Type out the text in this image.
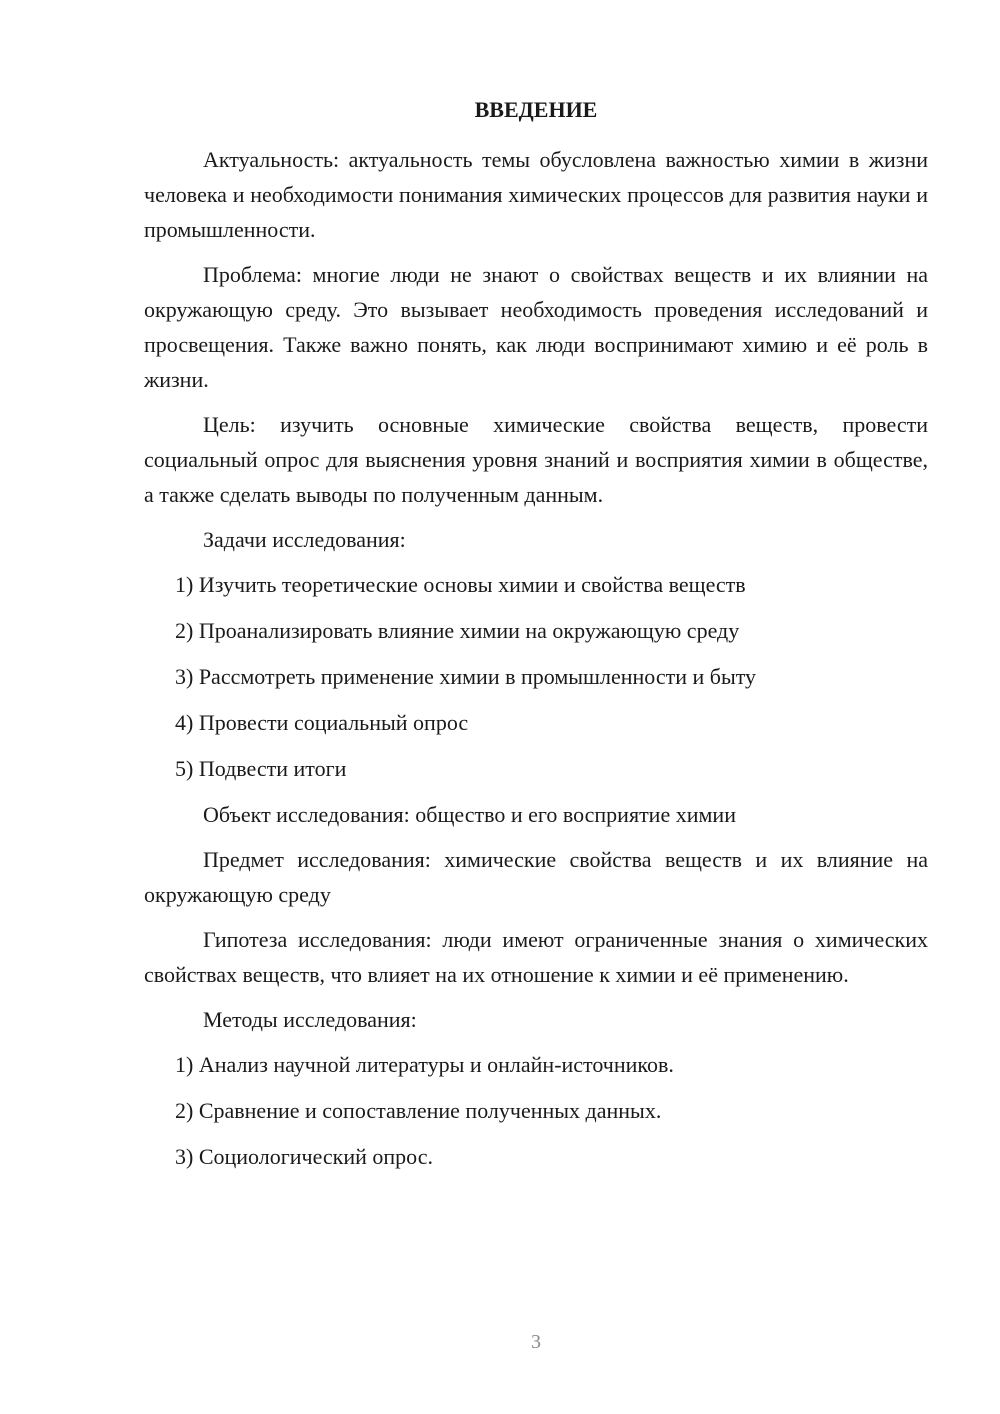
ВВЕДЕНИЕ

Актуальность: актуальность темы обусловлена важностью химии в жизни человека и необходимости понимания химических процессов для развития науки и промышленности.

Проблема: многие люди не знают о свойствах веществ и их влиянии на окружающую среду. Это вызывает необходимость проведения исследований и просвещения. Также важно понять, как люди воспринимают химию и её роль в жизни.

Цель: изучить основные химические свойства веществ, провести социальный опрос для выяснения уровня знаний и восприятия химии в обществе, а также сделать выводы по полученным данным.

Задачи исследования:
1) Изучить теоретические основы химии и свойства веществ
2) Проанализировать влияние химии на окружающую среду
3) Рассмотреть применение химии в промышленности и быту
4) Провести социальный опрос
5) Подвести итоги

Объект исследования: общество и его восприятие химии

Предмет исследования: химические свойства веществ и их влияние на окружающую среду

Гипотеза исследования: люди имеют ограниченные знания о химических свойствах веществ, что влияет на их отношение к химии и её применению.

Методы исследования:
1) Анализ научной литературы и онлайн-источников.
2) Сравнение и сопоставление полученных данных.
3) Социологический опрос.
3
